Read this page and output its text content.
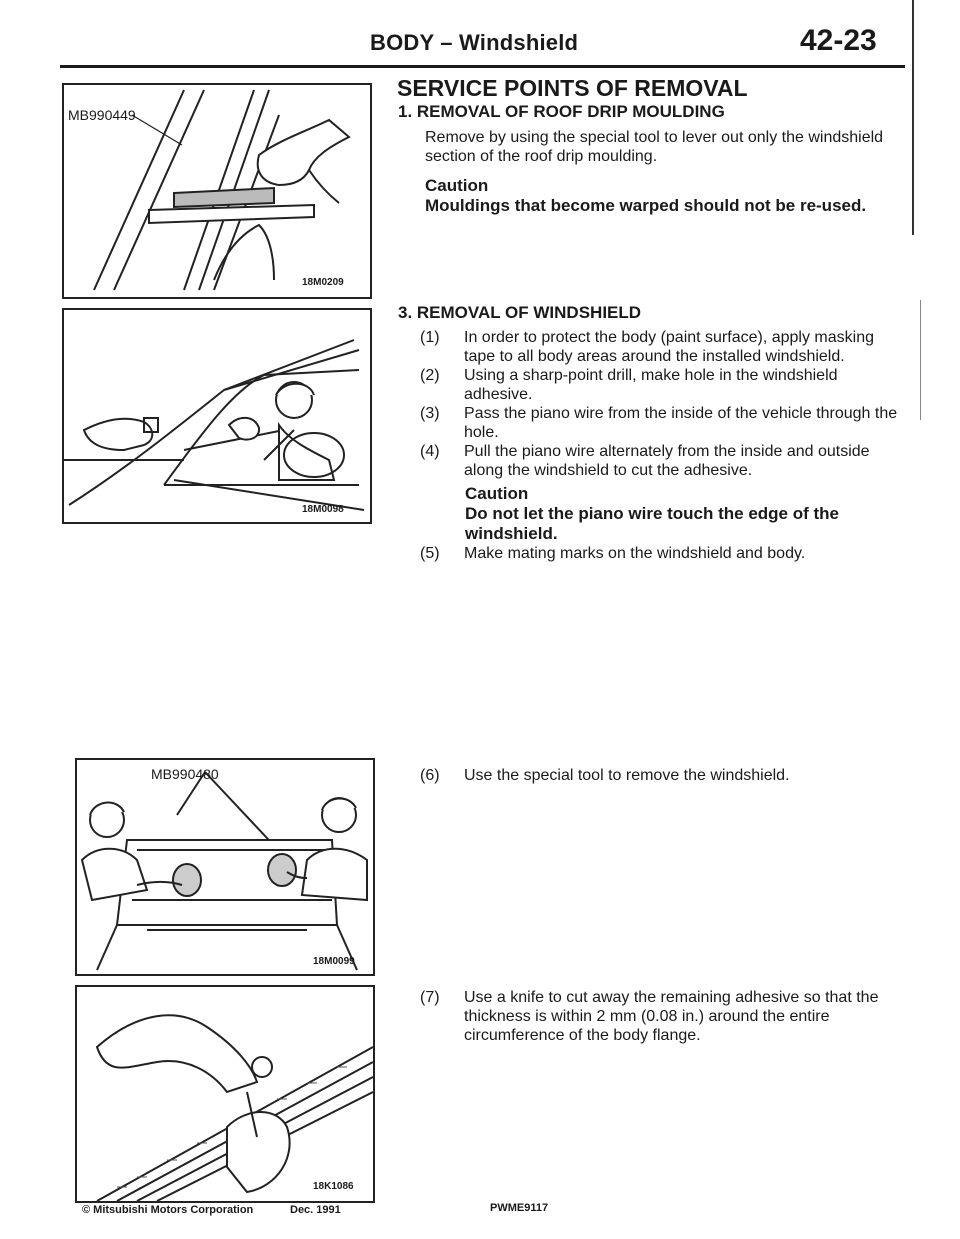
BODY – Windshield	42-23
MB990449
18M0209
18M0098
MB990480
18M0099
18K1086
SERVICE POINTS OF REMOVAL
1. REMOVAL OF ROOF DRIP MOULDING
Remove by using the special tool to lever out only the windshield section of the roof drip moulding.
Caution
Mouldings that become warped should not be re-used.
3. REMOVAL OF WINDSHIELD
(1) In order to protect the body (paint surface), apply masking tape to all body areas around the installed windshield.
(2) Using a sharp-point drill, make hole in the windshield adhesive.
(3) Pass the piano wire from the inside of the vehicle through the hole.
(4) Pull the piano wire alternately from the inside and outside along the windshield to cut the adhesive.
Caution
Do not let the piano wire touch the edge of the windshield.
(5) Make mating marks on the windshield and body.
(6) Use the special tool to remove the windshield.
(7) Use a knife to cut away the remaining adhesive so that the thickness is within 2 mm (0.08 in.) around the entire circumference of the body flange.
© Mitsubishi Motors Corporation	Dec. 1991	PWME9117
